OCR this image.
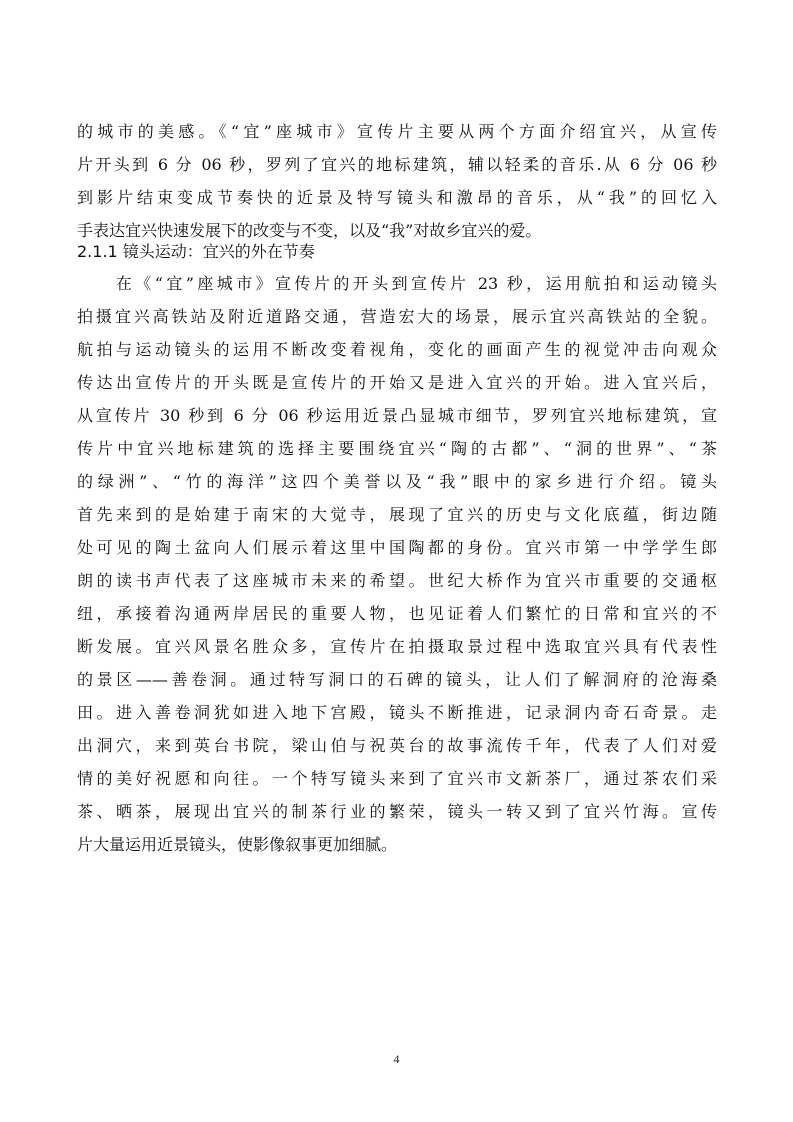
的城市的美感。《“宜”座城市》宣传片主要从两个方面介绍宜兴，从宣传
片开头到 6 分 06 秒，罗列了宜兴的地标建筑，辅以轻柔的音乐.从 6 分 06 秒
到影片结束变成节奏快的近景及特写镜头和激昂的音乐，从“我”的回忆入
手表达宜兴快速发展下的改变与不变，以及“我”对故乡宜兴的爱。
2.1.1 镜头运动：宜兴的外在节奏
　　在《“宜”座城市》宣传片的开头到宣传片 23 秒，运用航拍和运动镜头
拍摄宜兴高铁站及附近道路交通，营造宏大的场景，展示宜兴高铁站的全貌。
航拍与运动镜头的运用不断改变着视角，变化的画面产生的视觉冲击向观众
传达出宣传片的开头既是宣传片的开始又是进入宜兴的开始。进入宜兴后，
从宣传片 30 秒到 6 分 06 秒运用近景凸显城市细节，罗列宜兴地标建筑，宣
传片中宜兴地标建筑的选择主要围绕宜兴“陶的古都”、“洞的世界”、“茶
的绿洲”、“竹的海洋”这四个美誉以及“我”眼中的家乡进行介绍。镜头
首先来到的是始建于南宋的大觉寺，展现了宜兴的历史与文化底蕴，街边随
处可见的陶土盆向人们展示着这里中国陶都的身份。宜兴市第一中学学生郎
朗的读书声代表了这座城市未来的希望。世纪大桥作为宜兴市重要的交通枢
纽，承接着沟通两岸居民的重要人物，也见证着人们繁忙的日常和宜兴的不
断发展。宜兴风景名胜众多，宣传片在拍摄取景过程中选取宜兴具有代表性
的景区——善卷洞。通过特写洞口的石碑的镜头，让人们了解洞府的沧海桑
田。进入善卷洞犹如进入地下宫殿，镜头不断推进，记录洞内奇石奇景。走
出洞穴，来到英台书院，梁山伯与祝英台的故事流传千年，代表了人们对爱
情的美好祝愿和向往。一个特写镜头来到了宜兴市文新茶厂，通过茶农们采
茶、晒茶，展现出宜兴的制茶行业的繁荣，镜头一转又到了宜兴竹海。宣传
片大量运用近景镜头，使影像叙事更加细腻。
4
